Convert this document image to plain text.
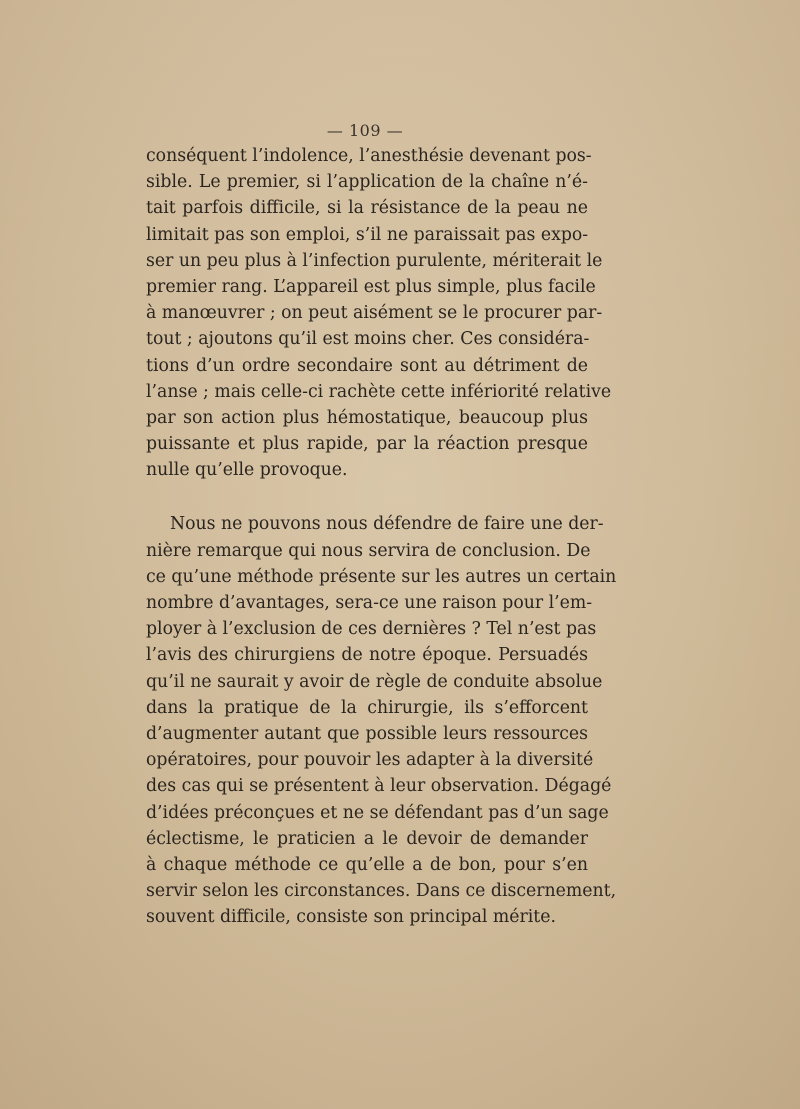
— 109 —
conséquent l’indolence, l’anesthésie devenant pos-
sible. Le premier, si l’application de la chaîne n’é-
tait parfois difficile, si la résistance de la peau ne
limitait pas son emploi, s’il ne paraissait pas expo-
ser un peu plus à l’infection purulente, mériterait le
premier rang. L’appareil est plus simple, plus facile
à manœuvrer ; on peut aisément se le procurer par-
tout ; ajoutons qu’il est moins cher. Ces considéra-
tions d’un ordre secondaire sont au détriment de
l’anse ; mais celle-ci rachète cette infériorité relative
par son action plus hémostatique, beaucoup plus
puissante et plus rapide, par la réaction presque
nulle qu’elle provoque.
Nous ne pouvons nous défendre de faire une der-
nière remarque qui nous servira de conclusion. De
ce qu’une méthode présente sur les autres un certain
nombre d’avantages, sera-ce une raison pour l’em-
ployer à l’exclusion de ces dernières ? Tel n’est pas
l’avis des chirurgiens de notre époque. Persuadés
qu’il ne saurait y avoir de règle de conduite absolue
dans la pratique de la chirurgie, ils s’efforcent
d’augmenter autant que possible leurs ressources
opératoires, pour pouvoir les adapter à la diversité
des cas qui se présentent à leur observation. Dégagé
d’idées préconçues et ne se défendant pas d’un sage
éclectisme, le praticien a le devoir de demander
à chaque méthode ce qu’elle a de bon, pour s’en
servir selon les circonstances. Dans ce discernement,
souvent difficile, consiste son principal mérite.
